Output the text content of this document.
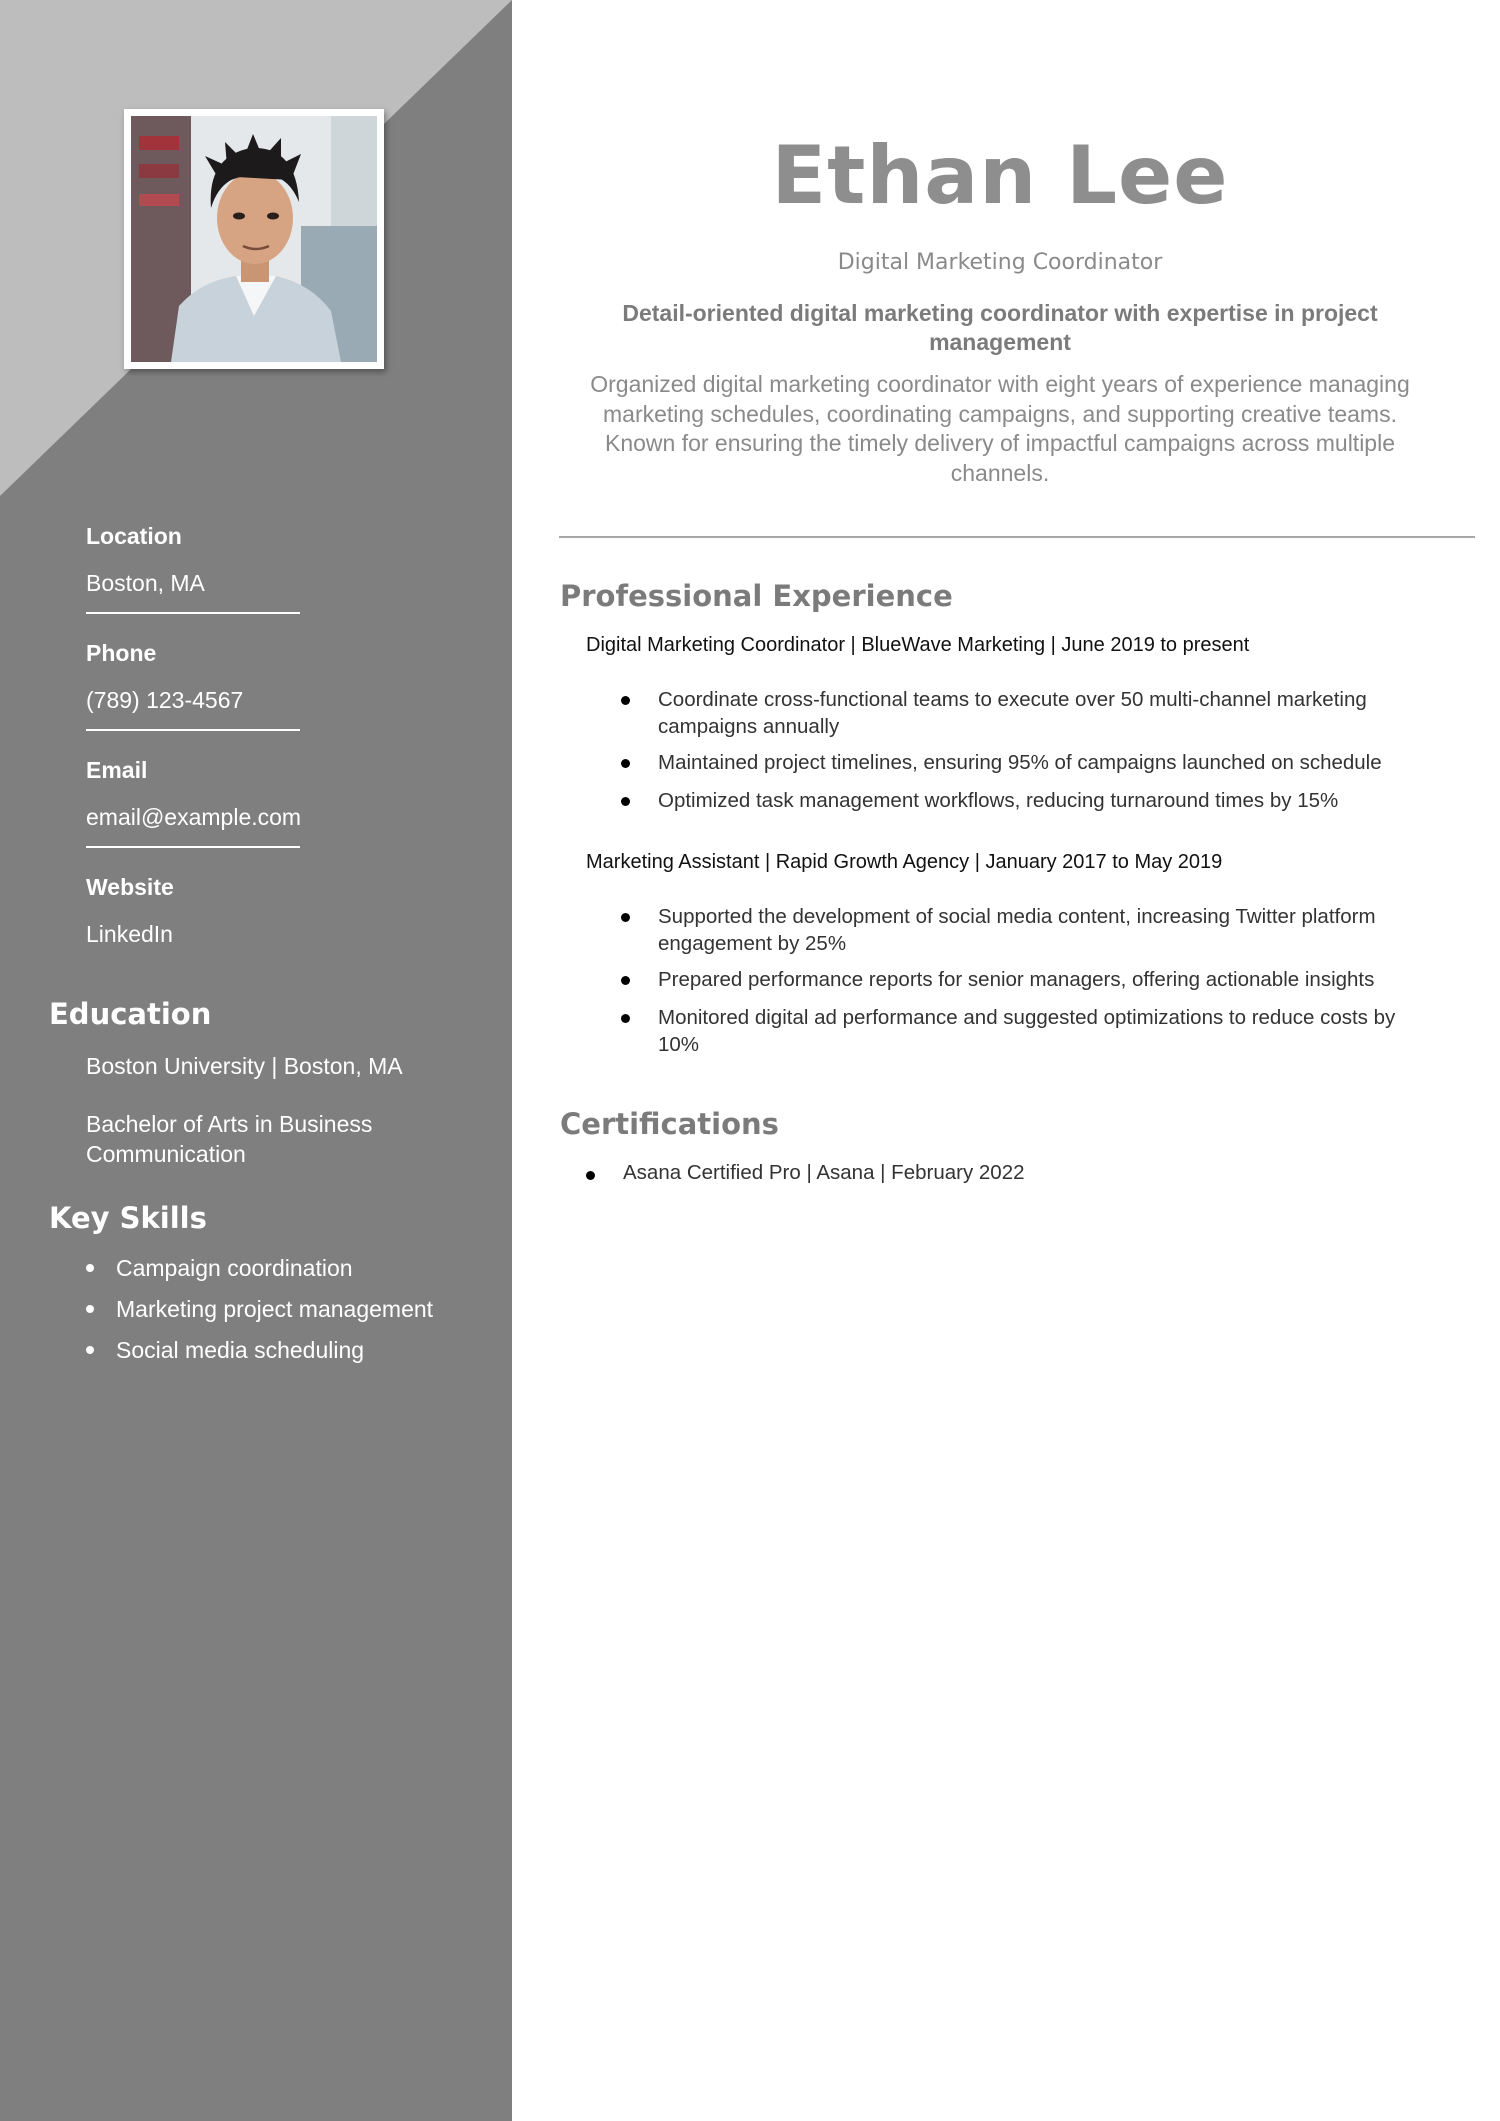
Location
Boston, MA
Phone
(789) 123-4567
Email
email@example.com
Website
LinkedIn
Education
Boston University | Boston, MA
Bachelor of Arts in Business Communication
Key Skills
Campaign coordination
Marketing project management
Social media scheduling
Ethan Lee
Digital Marketing Coordinator
Detail-oriented digital marketing coordinator with expertise in project management
Organized digital marketing coordinator with eight years of experience managing marketing schedules, coordinating campaigns, and supporting creative teams. Known for ensuring the timely delivery of impactful campaigns across multiple channels.
Professional Experience
Digital Marketing Coordinator | BlueWave Marketing | June 2019 to present
Coordinate cross-functional teams to execute over 50 multi-channel marketing campaigns annually
Maintained project timelines, ensuring 95% of campaigns launched on schedule
Optimized task management workflows, reducing turnaround times by 15%
Marketing Assistant | Rapid Growth Agency | January 2017 to May 2019
Supported the development of social media content, increasing Twitter platform engagement by 25%
Prepared performance reports for senior managers, offering actionable insights
Monitored digital ad performance and suggested optimizations to reduce costs by 10%
Certifications
Asana Certified Pro | Asana | February 2022
